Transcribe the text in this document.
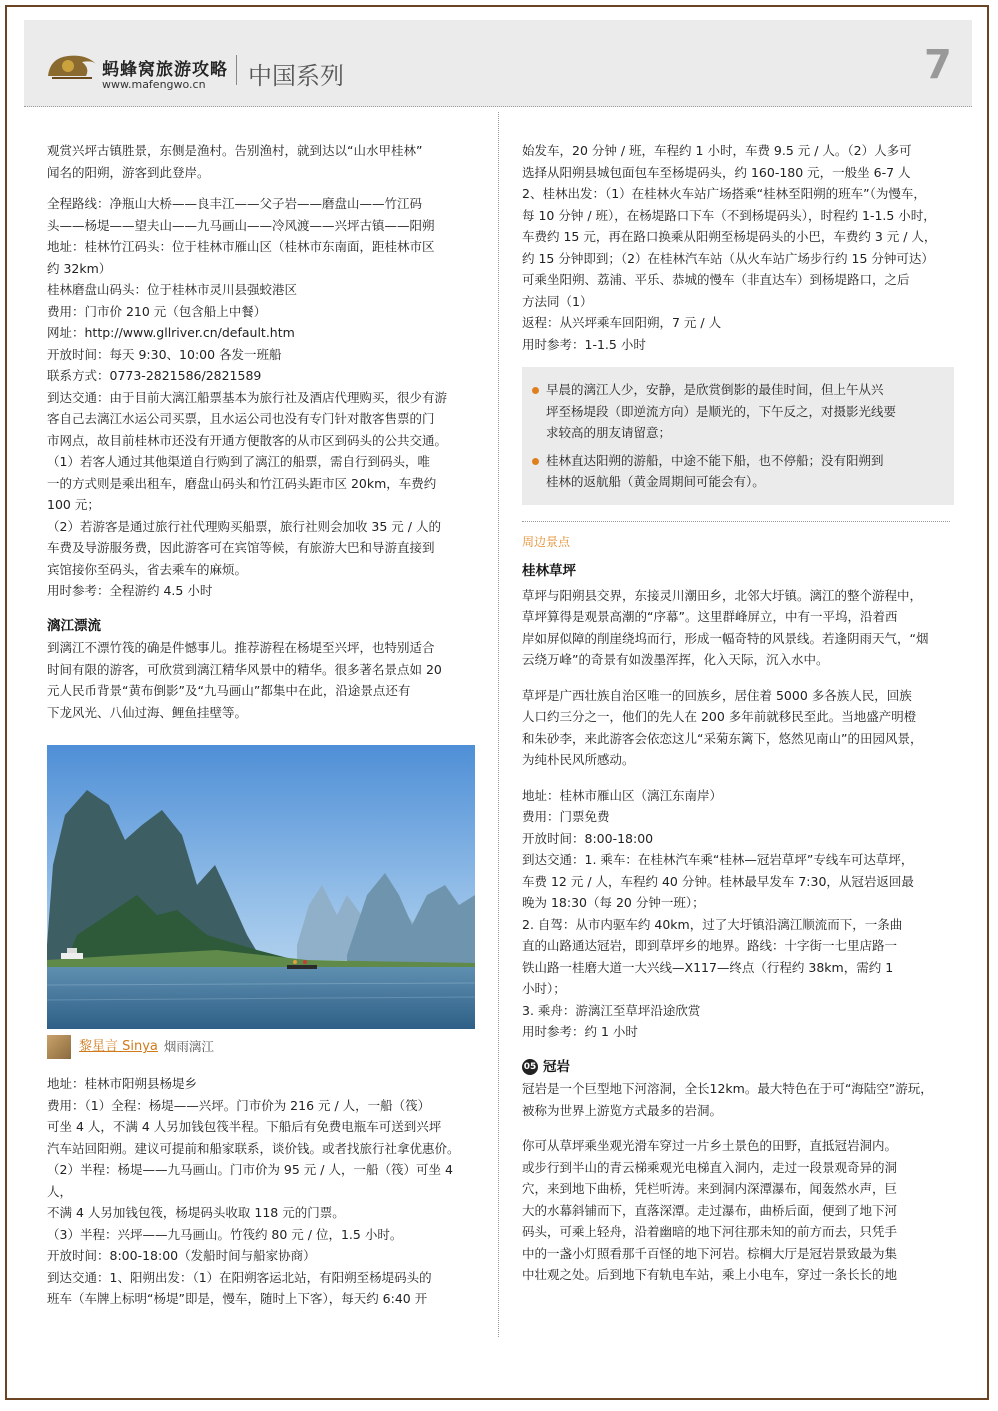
蚂蜂窝旅游攻略
www.mafengwo.cn 中国系列	7

观赏兴坪古镇胜景，东侧是渔村。告别渔村，就到达以“山水甲桂林”

闻名的阳朔，游客到此登岸。

全程路线：净瓶山大桥——良丰江——父子岩——磨盘山——竹江码

头——杨堤——望夫山——九马画山——冷风渡——兴坪古镇——阳朔

地址：桂林竹江码头：位于桂林市雁山区（桂林市东南面，距桂林市区

约 32km）

桂林磨盘山码头：位于桂林市灵川县强蛟港区

费用：门市价 210 元（包含船上中餐）

网址：http://www.gllriver.cn/default.htm

开放时间：每天 9:30、10:00 各发一班船

联系方式：0773-2821586/2821589

到达交通：由于目前大漓江船票基本为旅行社及酒店代理购买，很少有游

客自己去漓江水运公司买票，且水运公司也没有专门针对散客售票的门

市网点，故目前桂林市还没有开通方便散客的从市区到码头的公共交通。

（1）若客人通过其他渠道自行购到了漓江的船票，需自行到码头，唯

一的方式则是乘出租车，磨盘山码头和竹江码头距市区 20km，车费约

100 元；

（2）若游客是通过旅行社代理购买船票，旅行社则会加收 35 元 / 人的

车费及导游服务费，因此游客可在宾馆等候，有旅游大巴和导游直接到

宾馆接你至码头，省去乘车的麻烦。

用时参考：全程游约 4.5 小时

漓江漂流

到漓江不漂竹筏的确是件憾事儿。推荐游程在杨堤至兴坪，也特别适合

时间有限的游客，可欣赏到漓江精华风景中的精华。很多著名景点如 20

元人民币背景“黄布倒影”及“九马画山”都集中在此，沿途景点还有

下龙风光、八仙过海、鲤鱼挂壁等。

黎星言 Sinya 烟雨漓江

地址：桂林市阳朔县杨堤乡

费用：（1）全程：杨堤——兴坪。门市价为 216 元 / 人，一船（筏）

可坐 4 人，不满 4 人另加钱包筏半程。下船后有免费电瓶车可送到兴坪

汽车站回阳朔。建议可提前和船家联系，谈价钱。或者找旅行社拿优惠价。

（2）半程：杨堤——九马画山。门市价为 95 元 / 人，一船（筏）可坐 4 人，

不满 4 人另加钱包筏，杨堤码头收取 118 元的门票。

（3）半程：兴坪——九马画山。竹筏约 80 元 / 位，1.5 小时。

开放时间：8:00-18:00（发船时间与船家协商）

到达交通：1、阳朔出发：（1）在阳朔客运北站，有阳朔至杨堤码头的

班车（车牌上标明“杨堤”即是，慢车，随时上下客），每天约 6:40 开

始发车，20 分钟 / 班，车程约 1 小时，车费 9.5 元 / 人。（2）人多可

选择从阳朔县城包面包车至杨堤码头，约 160-180 元，一般坐 6-7 人

2、桂林出发：（1）在桂林火车站广场搭乘“桂林至阳朔的班车”（为慢车，

每 10 分钟 / 班），在杨堤路口下车（不到杨堤码头），时程约 1-1.5 小时，

车费约 15 元，再在路口换乘从阳朔至杨堤码头的小巴，车费约 3 元 / 人，

约 15 分钟即到；（2）在桂林汽车站（从火车站广场步行约 15 分钟可达）

可乘坐阳朔、荔浦、平乐、恭城的慢车（非直达车）到杨堤路口，之后

方法同（1）

返程：从兴坪乘车回阳朔，7 元 / 人

用时参考：1-1.5 小时

早晨的漓江人少，安静，是欣赏倒影的最佳时间，但上午从兴

坪至杨堤段（即逆流方向）是顺光的，下午反之，对摄影光线要

求较高的朋友请留意；

桂林直达阳朔的游船，中途不能下船，也不停船；没有阳朔到

桂林的返航船（黄金周期间可能会有）。

周边景点
桂林草坪

草坪与阳朔县交界，东接灵川潮田乡，北邻大圩镇。漓江的整个游程中，

草坪算得是观景高潮的“序幕”。这里群峰屏立，中有一平坞，沿着西

岸如屏似障的削崖绕坞而行，形成一幅奇特的风景线。若逢阴雨天气，“烟

云绕万峰”的奇景有如泼墨浑挥，化入天际，沉入水中。

草坪是广西壮族自治区唯一的回族乡，居住着 5000 多各族人民，回族

人口约三分之一，他们的先人在 200 多年前就移民至此。当地盛产明橙

和朱砂李，来此游客会依恋这儿“采菊东篱下，悠然见南山”的田园风景，

为纯朴民风所感动。

地址：桂林市雁山区（漓江东南岸）

费用：门票免费

开放时间：8:00-18:00

到达交通：1. 乘车：在桂林汽车乘“桂林—冠岩草坪”专线车可达草坪，

车费 12 元 / 人，车程约 40 分钟。桂林最早发车 7:30，从冠岩返回最

晚为 18:30（每 20 分钟一班）；

2. 自驾：从市内驱车约 40km，过了大圩镇沿漓江顺流而下，一条曲

直的山路通达冠岩，即到草坪乡的地界。路线：十字街一七里店路一

铁山路一桂磨大道一大兴线—X117—终点（行程约 38km，需约 1

小时）；

3. 乘舟：游漓江至草坪沿途欣赏

用时参考：约 1 小时

05 冠岩

冠岩是一个巨型地下河溶洞，全长12km。最大特色在于可“海陆空”游玩，

被称为世界上游览方式最多的岩洞。

你可从草坪乘坐观光滑车穿过一片乡土景色的田野，直抵冠岩洞内。

或步行到半山的青云梯乘观光电梯直入洞内，走过一段景观奇异的洞

穴，来到地下曲桥，凭栏听涛。来到洞内深潭瀑布，闻轰然水声，巨

大的水幕斜铺而下，直落深潭。走过瀑布，曲桥后面，便到了地下河

码头，可乘上轻舟，沿着幽暗的地下河往那未知的前方而去，只凭手

中的一盏小灯照看那千百怪的地下河岩。棕榈大厅是冠岩景致最为集

中壮观之处。后到地下有轨电车站，乘上小电车，穿过一条长长的地
